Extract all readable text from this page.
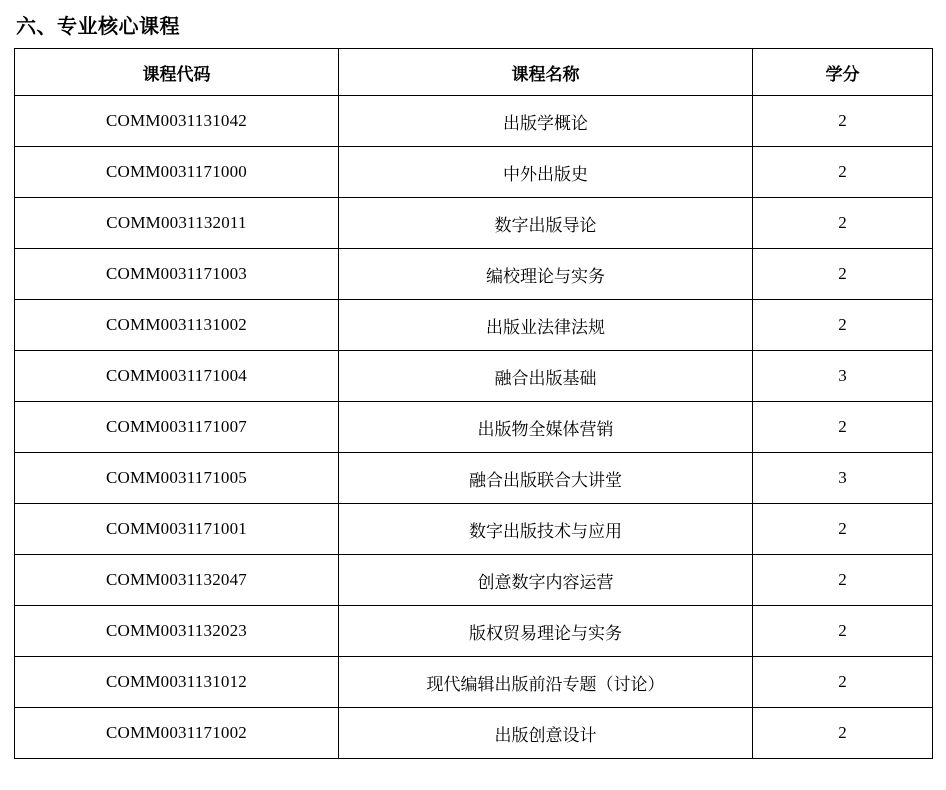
六、专业核心课程
课程代码	课程名称	学分
COMM0031131042	出版学概论	2
COMM0031171000	中外出版史	2
COMM0031132011	数字出版导论	2
COMM0031171003	编校理论与实务	2
COMM0031131002	出版业法律法规	2
COMM0031171004	融合出版基础	3
COMM0031171007	出版物全媒体营销	2
COMM0031171005	融合出版联合大讲堂	3
COMM0031171001	数字出版技术与应用	2
COMM0031132047	创意数字内容运营	2
COMM0031132023	版权贸易理论与实务	2
COMM0031131012	现代编辑出版前沿专题（讨论）	2
COMM0031171002	出版创意设计	2
